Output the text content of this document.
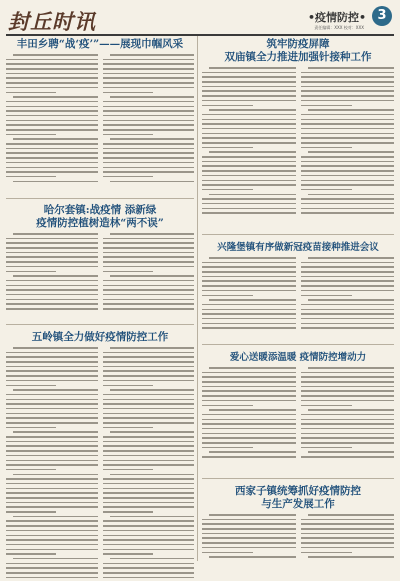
封丘时讯	•疫情防控• 3
责任编辑：XXX 校对：XXX
丰田乡聘“战‘疫’”——展现巾帼风采
哈尔套镇:战疫情 添新绿
疫情防控植树造林“两不误”
五岭镇全力做好疫情防控工作
筑牢防疫屏障
双庙镇全力推进加强针接种工作
兴隆堡镇有序做新冠疫苗接种推进会议
爱心送暖添温暖 疫情防控增动力
西家子镇统筹抓好疫情防控
与生产发展工作
